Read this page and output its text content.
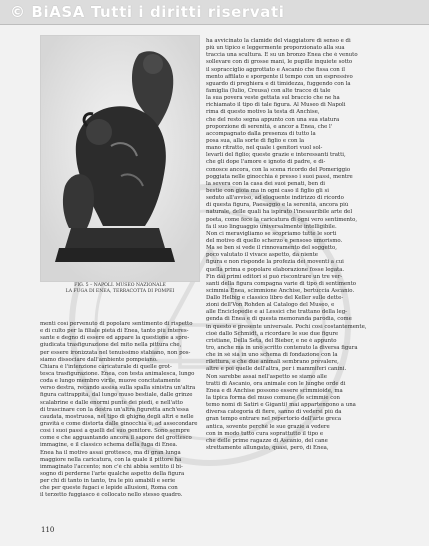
© BiASA Tutti i diritti riservati
FIG. 5 – NAPOLI. MUSEO NAZIONALE
LA FUGA DI ENEA, TERRACOTTA DI POMPEI
menti così pervenuto di popolare sentimento di rispetto
e di culto per la filiale pietà di Enea, tanto più interes-
sante e degno di essere ed appare la questione a spre-
giudicata trasfigurazione del mito nella pittura che,
per essere ironizzata nel tenuissimo stabiano, non pos-
siamo dissociare dall'ambiente pompeiano.
Chiara è l'intenzione caricaturale di quelle grot-
tesca trasfigurazione. Enea, con testa animalesca, lungo
coda e lungo membro virile, muove concitatamente
verso destra, recando assisa sulla spalla sinistra un'altra
figura cattrappita, dal lungo muso bestiale, dalle grinze
scalabrine e dalle enormi punte dei piedi, e nell'atto
di trascinare con la destra un'altra figuretta anch'essa
caudata, mostruosa, nel tipo di ghigno degli altri e nelle
gravità e come distorta dalle ginocchia e, ad assecondare
così i suoi passi a quelli del suo genitore. Sono sempre
come e che agguantando ancora il sapore del grottesco
immagine, e il classico schema della fuga di Enea.
Enea ha il motivo assai grottesco, ma di gran lunga
maggiore nella caricatura, con la quale il pittore ha
immaginato l'accento; non c'è chi abbia sentito il bi-
sogno di perderne l'arte qualche aspetto della figura
per chi di tanto in tanto, tra le più amabili e serie
che per queste fugaci e lepide allusioni, Roma con
il terzetto fuggiasco è collocato nello stesso quadro.
ha avvicinato la clamide del viaggiatore di senso e di
più un tipico e leggermente proporzionato alla sua
traccia una scultura. È su un bronzo Enea che è venuto
sollevare con di grosse mani, le pupille inquiete sotto
il sopracciglio aggrottato e Ascanio che fissa con il
mento affilato e sporgente il tempo con un espressivo
sguardo di preghiera e di timidezza, fuggendo con la
famiglia (Iulio, Creusa) con alte tracce di tale
la sua povera veste gettata sul braccio che ne ha
richiamato il tipo di tale figura. Al Museo di Napoli
rima di questo motivo la testa di Anchise,
che del resto segna appunto con una sua statura
proporzione di serenità, e ancor a Enea, che l'
accompagnato dalla presenza di tutto la
posa sua, alla sorte di figlio e con la
mano ritratto, nel quale i genitori vuol sol-
levarli del figlio; queste grazie e interessanti tratti,
che gli dope l'amore e ignoto di padre, e di-
conosce ancora, con la scena ricordo del Pomeriggio
poggiata nelle ginocchia è presso i suoi passi, mentre
la severa con la casa dei suoi penati, ben di
bestie con gioia ma in ogni caso il figlio gli si
seduto all'avviso, ad eloquente indirizzo di ricordo
di questa figura, Paesaggio e la serenità, ancora più
naturale, delle quali ha ispirato l'inesauribile arte del
poeta, come fece la caricatura di ogni vero sentimento,
fa il suo linguaggio universalmente intelligibile.
Non ci meravigliamo se scopriamo tutte le sorti
del motivo di quello scherzo e pensoso umorismo.
Ma se ben si vede il rinnovamento del soggetto,
poco valutato il vivace aspetto, da niente
figura e non risponde la profezia dei moventi a cui
quella prima e popolare elaborazione fosse legata.
Fin dai primi editori si può riscontrare un tre ver-
santi della figura compagna varie di tipo di sentimento
scimmia Enea, scimmione Anchise, bertuccia Ascanio.
Dallo Helbig e classico libro del Keller sulle dette-
zioni dell'Von Rohden al Catalogo del Museo, e
alle Enciclopedie e ai Lessici che trattano della leg-
genda di Enea e di questa memoranda parodia, come
in questo e presente universale. Pochi così costantemente,
cioè dallo Schmidt, a ricordare le sue due figure
cristiane, Della Seta, del Bieber, e ne è appunto
tro, anche ma in uno scritto contenuto la diversa figura
che in sé sia in uno schema di fondazione con la
rilettura, e che due animali sembrano prevalere,
altre e poi quelle dell'altra, per i mammiferi canini.
Non sarebbe assai nell'aspetto se siamo alle
tratti di Ascanio, ora animale con le lunghe orde di
Enea e di Anchise possono essere scimmioide, ma
la tipica forma del muso comune (le scimmie con
temo nomi di Satiri e Giganti) mai appartengono a una
diversa categoria di fiere, sanno di vedersi più da
gran tempo entrare nel repertorio dell'arte greca
antica, sovente perché le sue grazie a vedere
con in modo tutto cura soprattutto il tipo e
che delle prime ragazze di Ascanio, del cane
strettamente allungato, quasi, però, di Enea,
110
